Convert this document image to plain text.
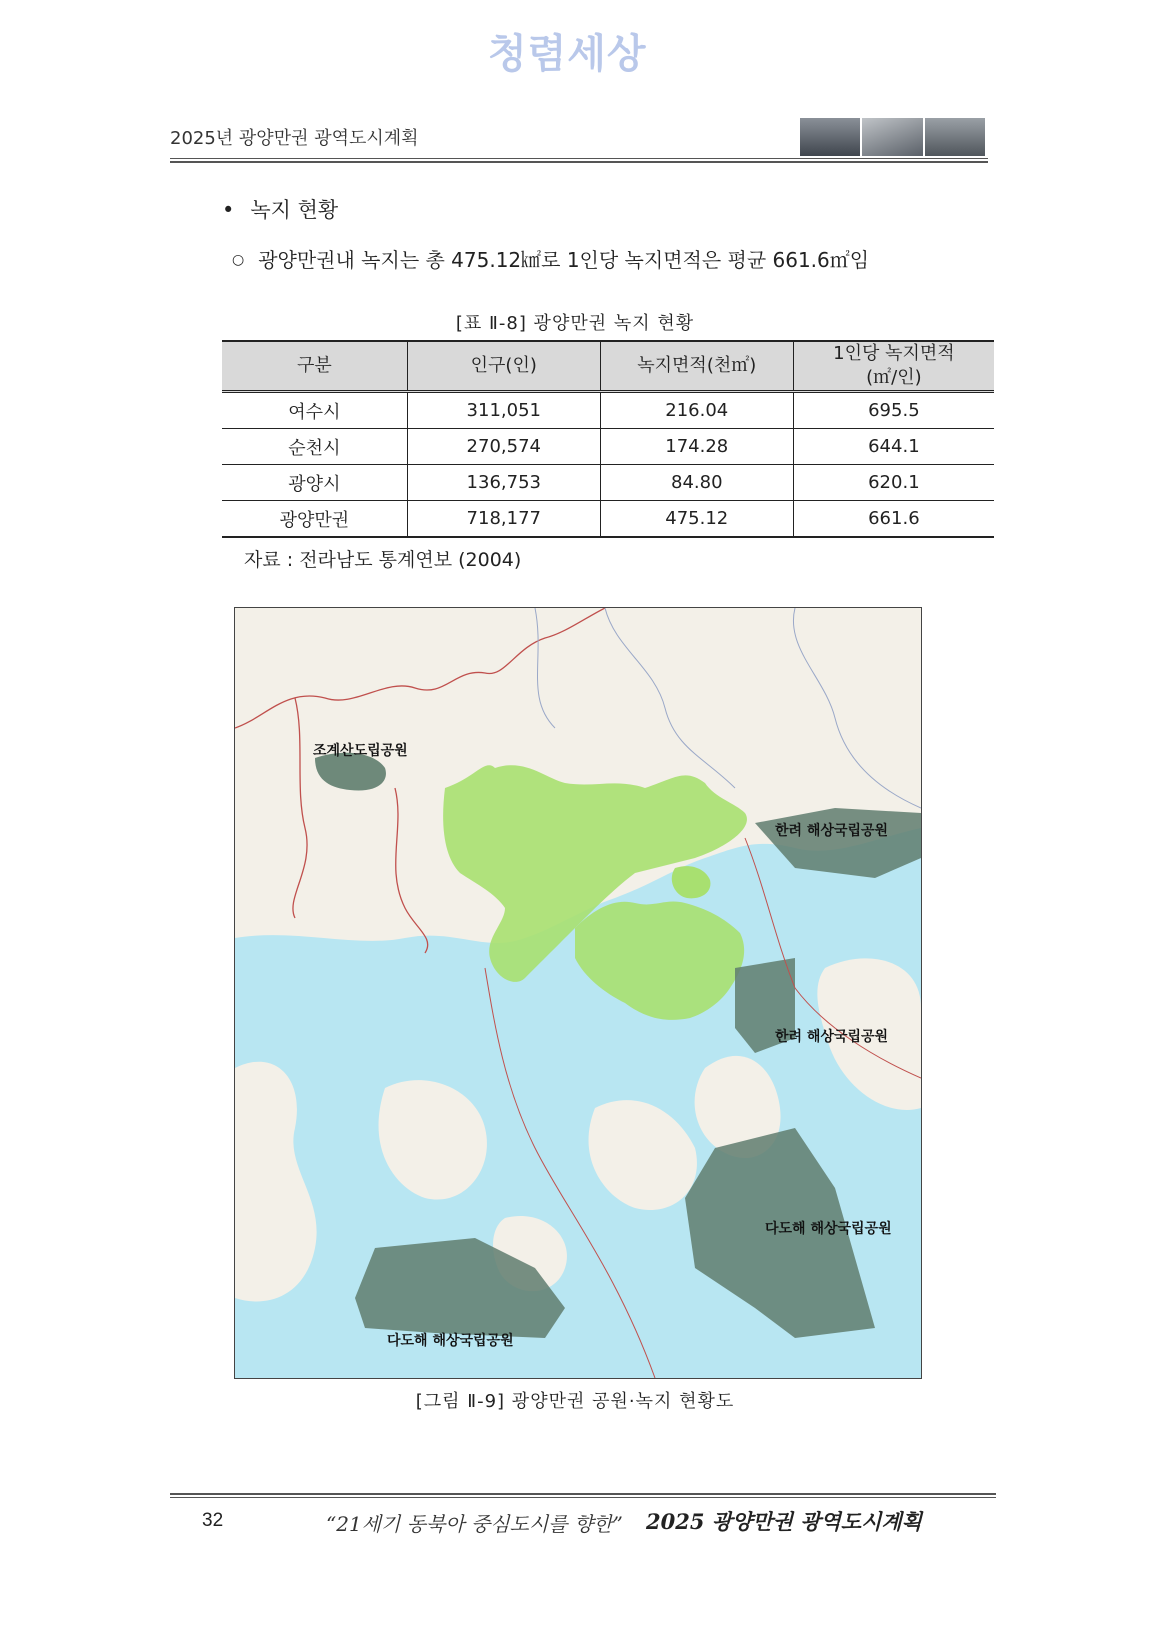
청렴세상
2025년 광양만권 광역도시계획
• 녹지 현황
○ 광양만권내 녹지는 총 475.12㎢로 1인당 녹지면적은 평균 661.6㎡임
[표 Ⅱ-8] 광양만권 녹지 현황
구분	인구(인)	녹지면적(천㎡)	1인당 녹지면적
(㎡/인)

여수시	311,051	216.04	695.5
순천시	270,574	174.28	644.1
광양시	136,753	84.80	620.1
광양만권	718,177	475.12	661.6
자료 : 전라남도 통계연보 (2004)
조계산도립공원
한려 해상국립공원
한려 해상국립공원
다도해 해상국립공원
다도해 해상국립공원
[그림 Ⅱ-9] 광양만권 공원·녹지 현황도
32	“21세기 동북아 중심도시를 향한” 2025 광양만권 광역도시계획
